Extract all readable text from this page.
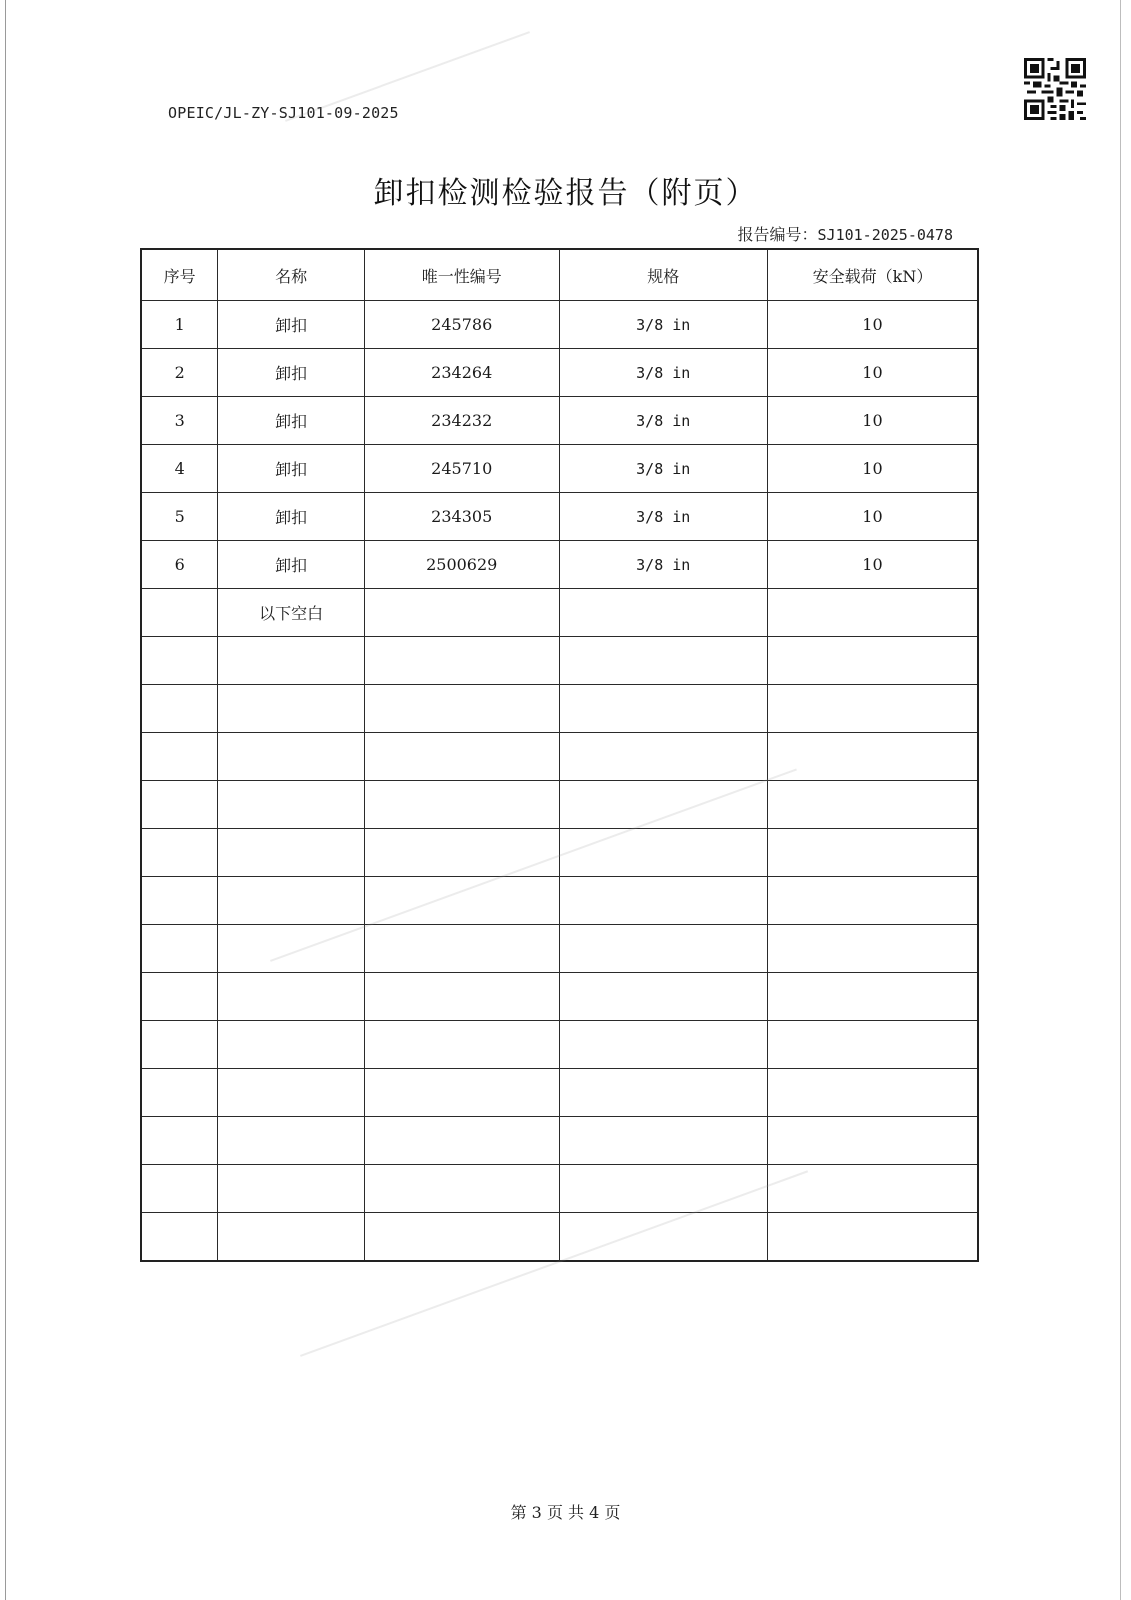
OPEIC/JL-ZY-SJ101-09-2025
卸扣检测检验报告（附页）
报告编号：SJ101-2025-0478
序号	名称	唯一性编号	规格	安全载荷（kN）
1	卸扣	245786	3/8 in	10
2	卸扣	234264	3/8 in	10
3	卸扣	234232	3/8 in	10
4	卸扣	245710	3/8 in	10
5	卸扣	234305	3/8 in	10
6	卸扣	2500629	3/8 in	10
	以下空白			

第 3 页 共 4 页
